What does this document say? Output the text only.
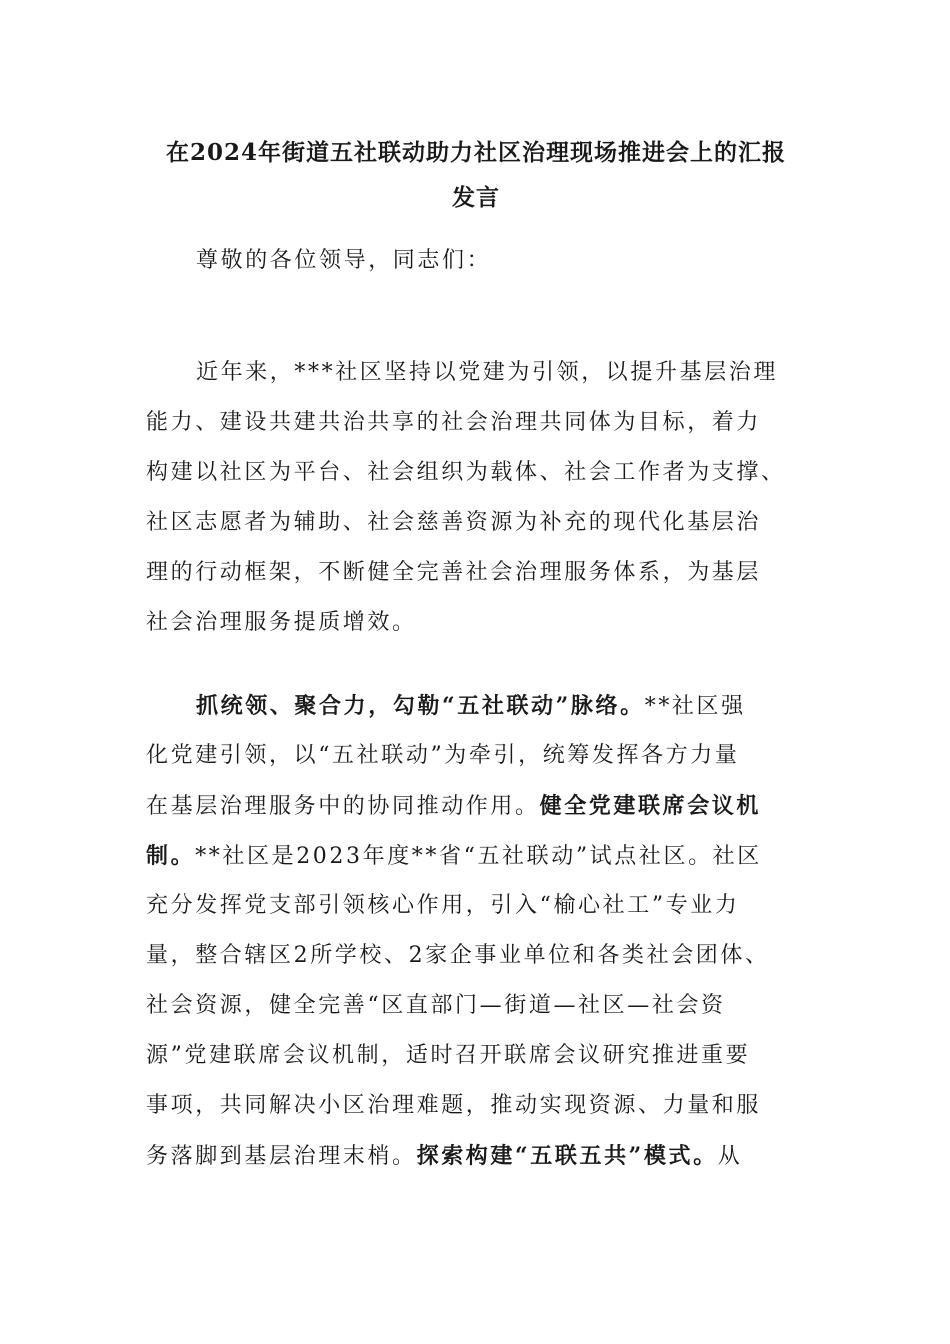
在2024年街道五社联动助力社区治理现场推进会上的汇报
发言
尊敬的各位领导，同志们：
近年来，***社区坚持以党建为引领，以提升基层治理
能力、建设共建共治共享的社会治理共同体为目标，着力
构建以社区为平台、社会组织为载体、社会工作者为支撑、
社区志愿者为辅助、社会慈善资源为补充的现代化基层治
理的行动框架，不断健全完善社会治理服务体系，为基层
社会治理服务提质增效。
抓统领、聚合力，勾勒“五社联动”脉络。**社区强
化党建引领，以“五社联动”为牵引，统筹发挥各方力量
在基层治理服务中的协同推动作用。健全党建联席会议机
制。**社区是2023年度**省“五社联动”试点社区。社区
充分发挥党支部引领核心作用，引入“榆心社工”专业力
量，整合辖区2所学校、2家企事业单位和各类社会团体、
社会资源，健全完善“区直部门—街道—社区—社会资
源”党建联席会议机制，适时召开联席会议研究推进重要
事项，共同解决小区治理难题，推动实现资源、力量和服
务落脚到基层治理末梢。探索构建“五联五共”模式。从
